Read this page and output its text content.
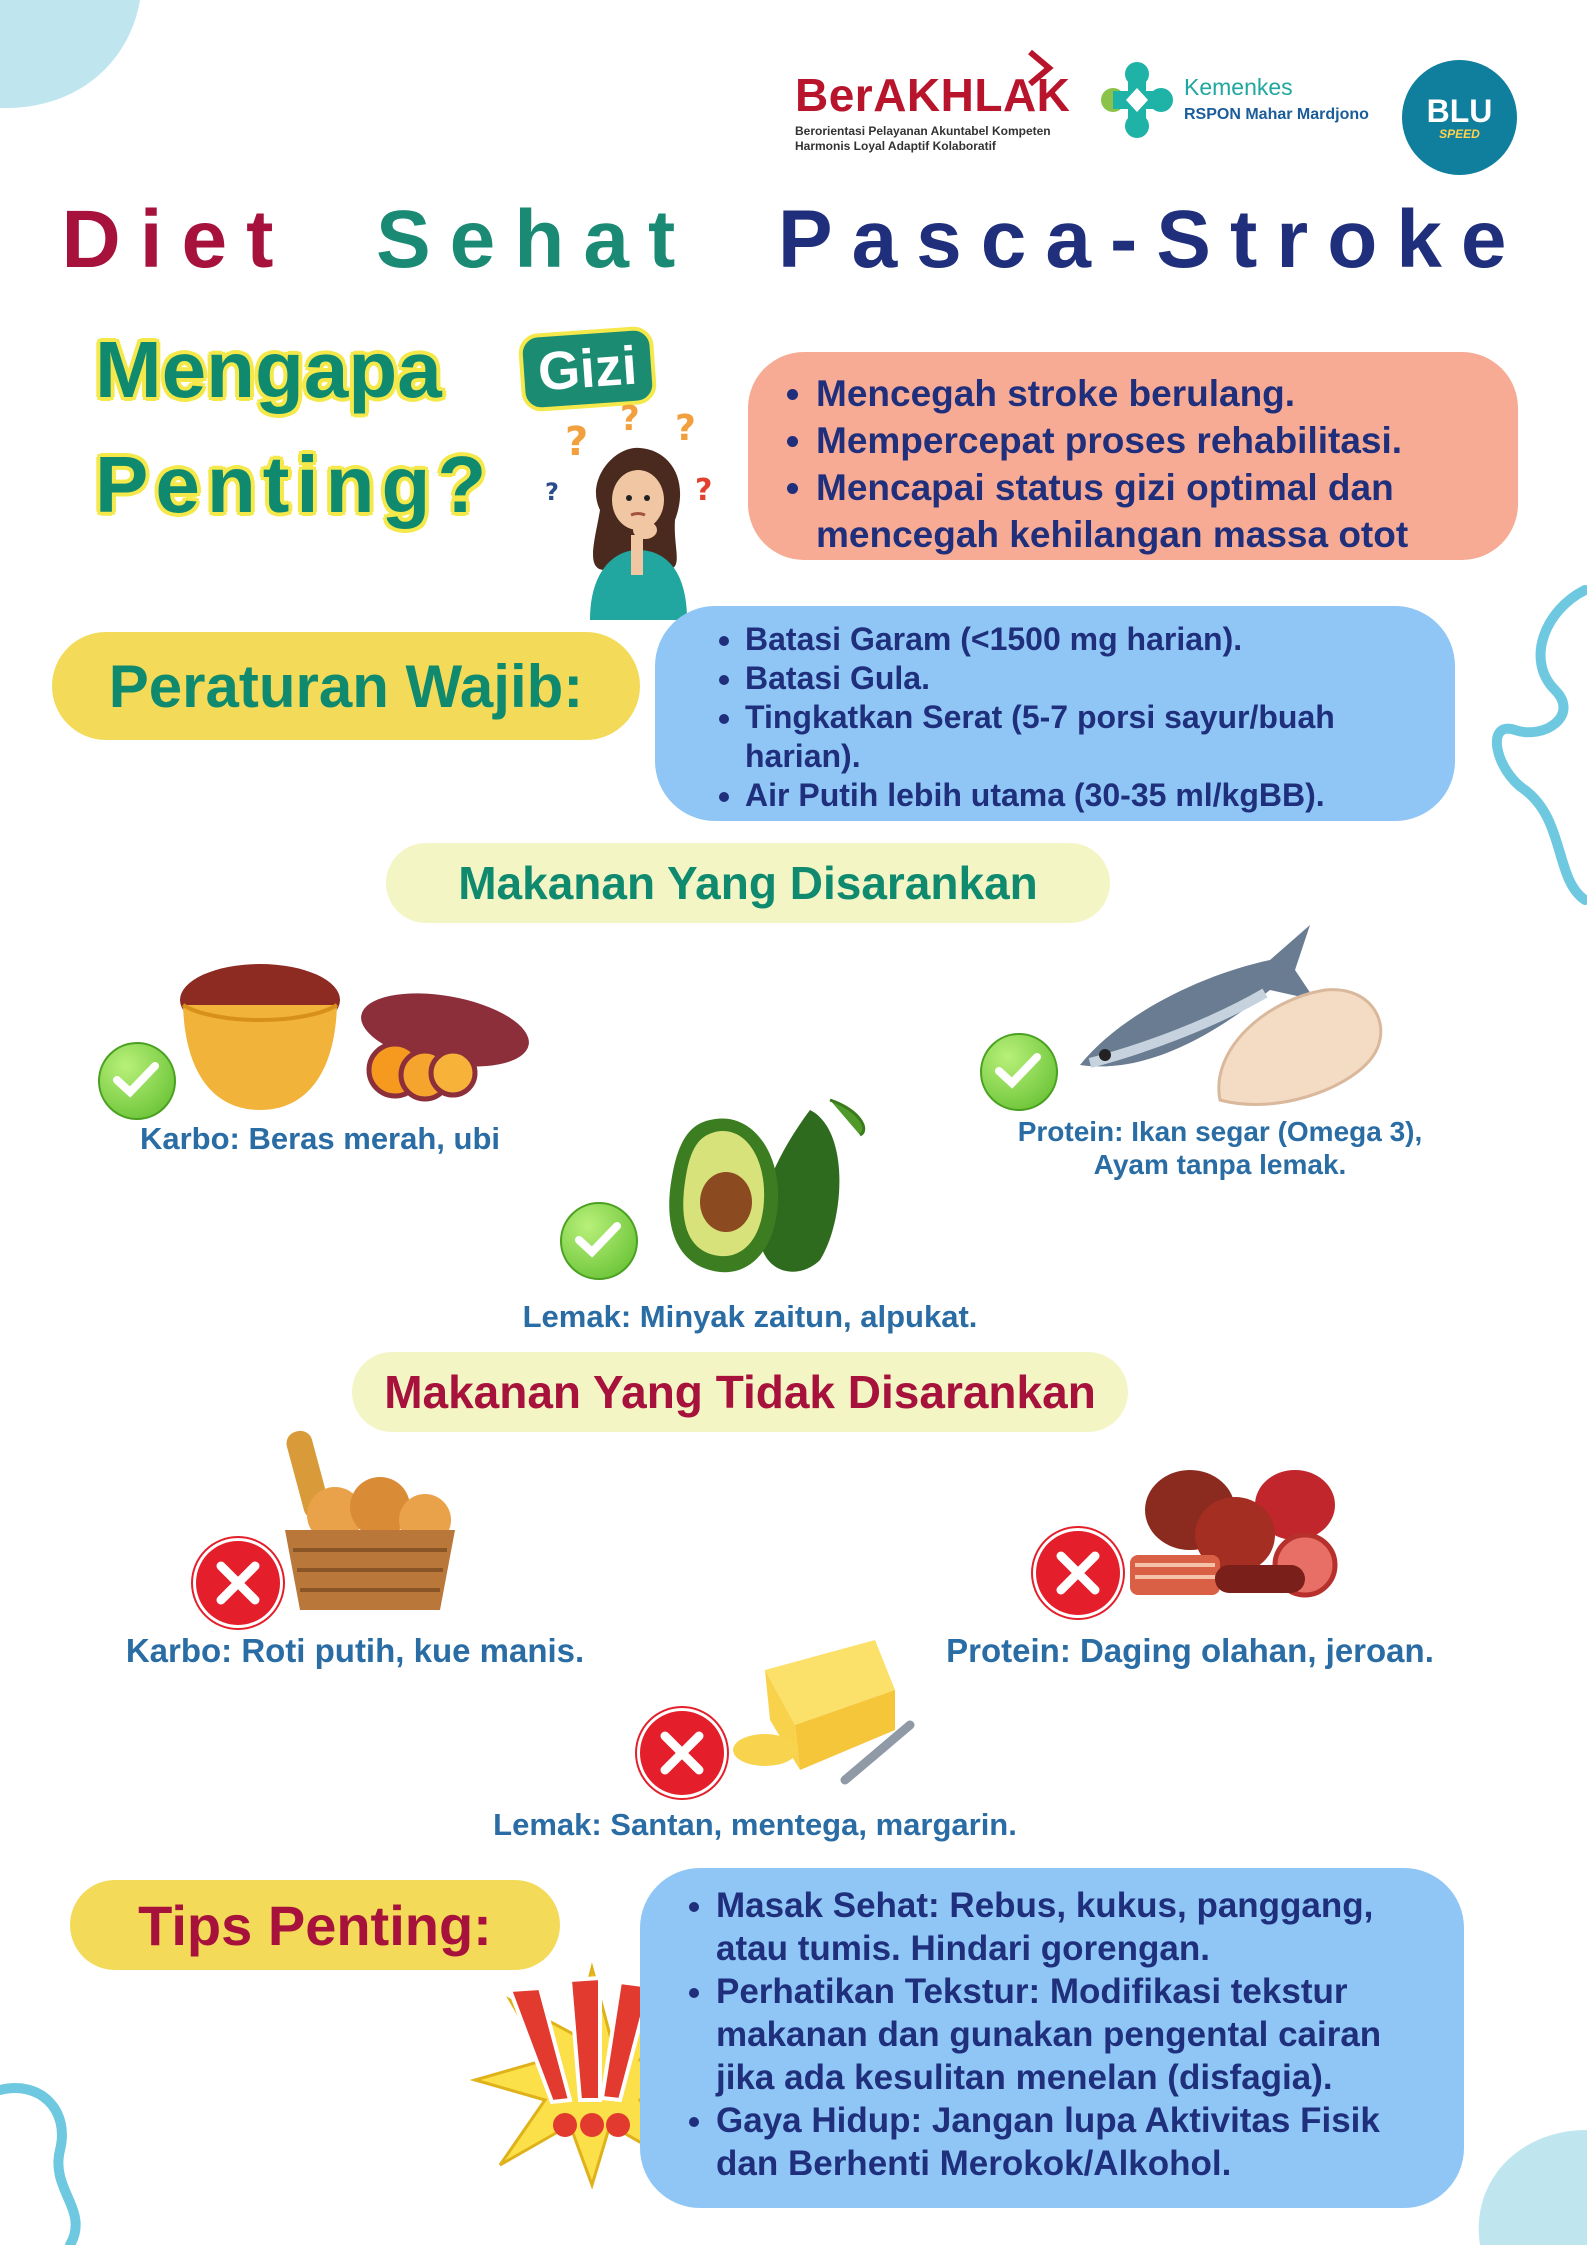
BerAKHLAK
Berorientasi Pelayanan Akuntabel Kompeten
Harmonis Loyal Adaptif Kolaboratif
Kemenkes
RSPON Mahar Mardjono BLU
SPEED
Diet Sehat Pasca-Stroke
Mengapa	Gizi
Penting? ? ? ?
?
?
• Mencegah stroke berulang.
• Mempercepat proses rehabilitasi.
• Mencapai status gizi optimal dan mencegah kehilangan massa otot
Peraturan Wajib:
• Batasi Garam (<1500 mg harian).
• Batasi Gula.
• Tingkatkan Serat (5-7 porsi sayur/buah harian).
• Air Putih lebih utama (30-35 ml/kgBB).
Makanan Yang Disarankan
Karbo: Beras merah, ubi	Protein: Ikan segar (Omega 3),
Ayam tanpa lemak.
Lemak: Minyak zaitun, alpukat.
Makanan Yang Tidak Disarankan
Karbo: Roti putih, kue manis.	Protein: Daging olahan, jeroan.
Lemak: Santan, mentega, margarin.
Tips Penting:
•	Masak Sehat: Rebus, kukus, panggang, atau tumis. Hindari gorengan.
• Perhatikan Tekstur: Modifikasi tekstur makanan dan gunakan pengental cairan jika ada kesulitan menelan (disfagia).
• Gaya Hidup: Jangan lupa Aktivitas Fisik dan Berhenti Merokok/Alkohol.
